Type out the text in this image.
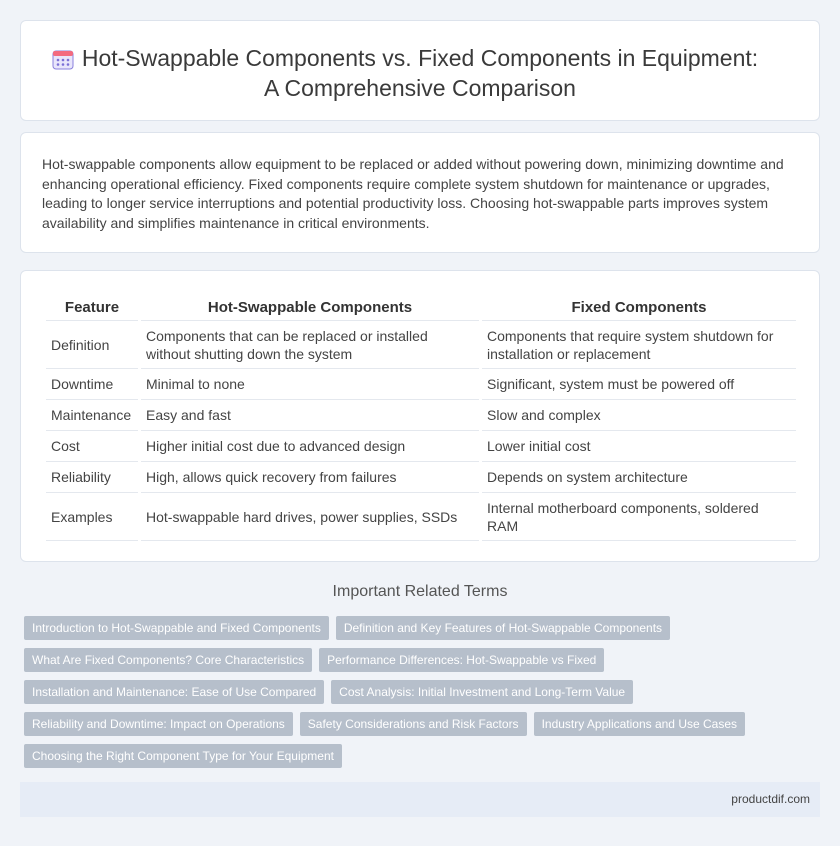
Hot-Swappable Components vs. Fixed Components in Equipment:
A Comprehensive Comparison

Hot-swappable components allow equipment to be replaced or added without powering down, minimizing downtime and enhancing operational efficiency. Fixed components require complete system shutdown for maintenance or upgrades, leading to longer service interruptions and potential productivity loss. Choosing hot-swappable parts improves system availability and simplifies maintenance in critical environments.

Feature	Hot-Swappable Components	Fixed Components
Definition	Components that can be replaced or installed without shutting down the system	Components that require system shutdown for installation or replacement
Downtime	Minimal to none	Significant, system must be powered off
Maintenance	Easy and fast	Slow and complex
Cost	Higher initial cost due to advanced design	Lower initial cost
Reliability	High, allows quick recovery from failures	Depends on system architecture
Examples	Hot-swappable hard drives, power supplies, SSDs	Internal motherboard components, soldered RAM
Important Related Terms
Introduction to Hot-Swappable and Fixed Components	Definition and Key Features of Hot-Swappable Components
What Are Fixed Components? Core Characteristics	Performance Differences: Hot-Swappable vs Fixed
Installation and Maintenance: Ease of Use Compared	Cost Analysis: Initial Investment and Long-Term Value
Reliability and Downtime: Impact on Operations	Safety Considerations and Risk Factors	Industry Applications and Use Cases
Choosing the Right Component Type for Your Equipment
productdif.com
